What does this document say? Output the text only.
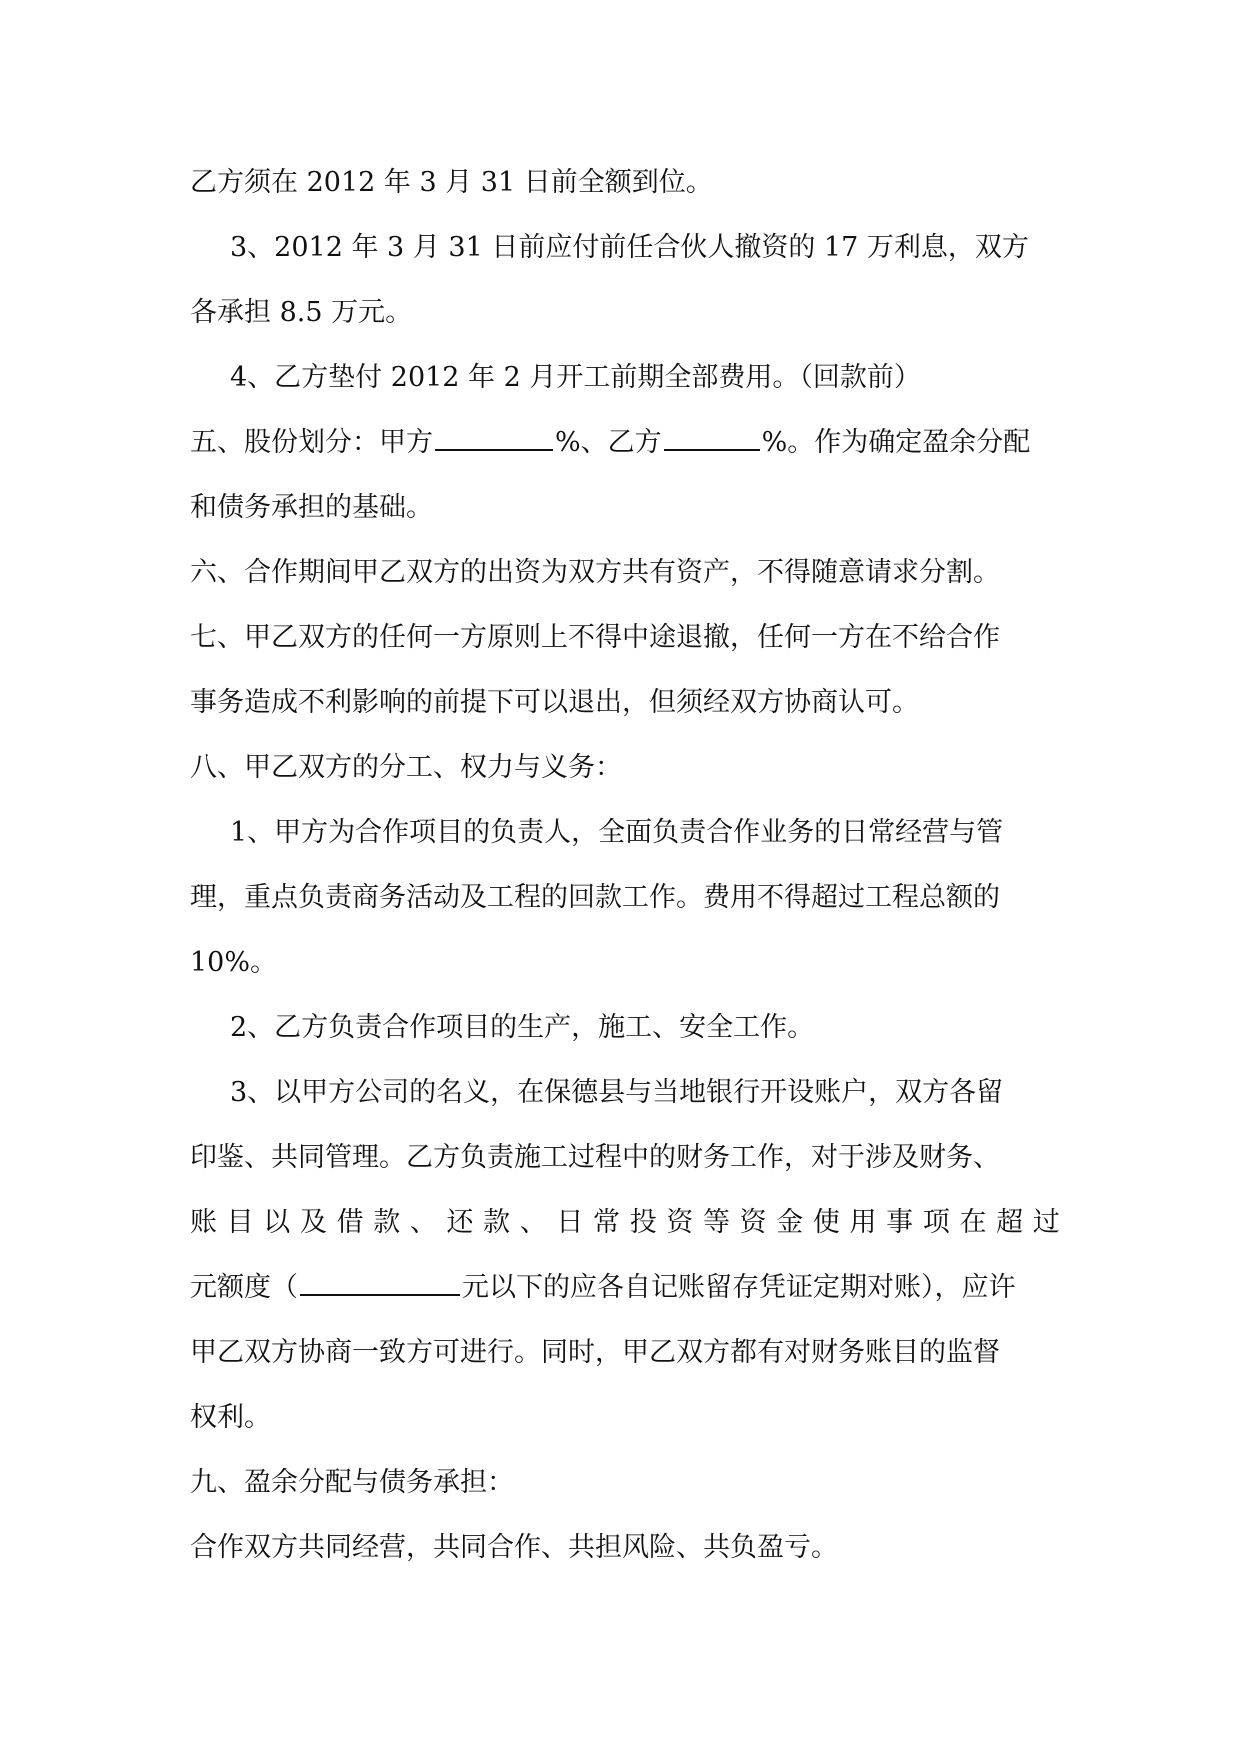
乙方须在 2012 年 3 月 31 日前全额到位。
3、2012 年 3 月 31 日前应付前任合伙人撤资的 17 万利息，双方
各承担 8.5 万元。
4、乙方垫付 2012 年 2 月开工前期全部费用。（回款前）
五、股份划分：甲方	%、乙方	%。作为确定盈余分配
和债务承担的基础。
六、合作期间甲乙双方的出资为双方共有资产，不得随意请求分割。
七、甲乙双方的任何一方原则上不得中途退撤，任何一方在不给合作
事务造成不利影响的前提下可以退出，但须经双方协商认可。
八、甲乙双方的分工、权力与义务：
1、甲方为合作项目的负责人，全面负责合作业务的日常经营与管
理，重点负责商务活动及工程的回款工作。费用不得超过工程总额的
10%。
2、乙方负责合作项目的生产，施工、安全工作。
3、以甲方公司的名义，在保德县与当地银行开设账户，双方各留
印鉴、共同管理。乙方负责施工过程中的财务工作，对于涉及财务、
账 目 以 及 借 款 、 还 款 、 日 常 投 资 等 资 金 使 用 事 项 在 超 过
元额度（	元以下的应各自记账留存凭证定期对账），应许
甲乙双方协商一致方可进行。同时，甲乙双方都有对财务账目的监督
权利。
九、盈余分配与债务承担：
合作双方共同经营，共同合作、共担风险、共负盈亏。
